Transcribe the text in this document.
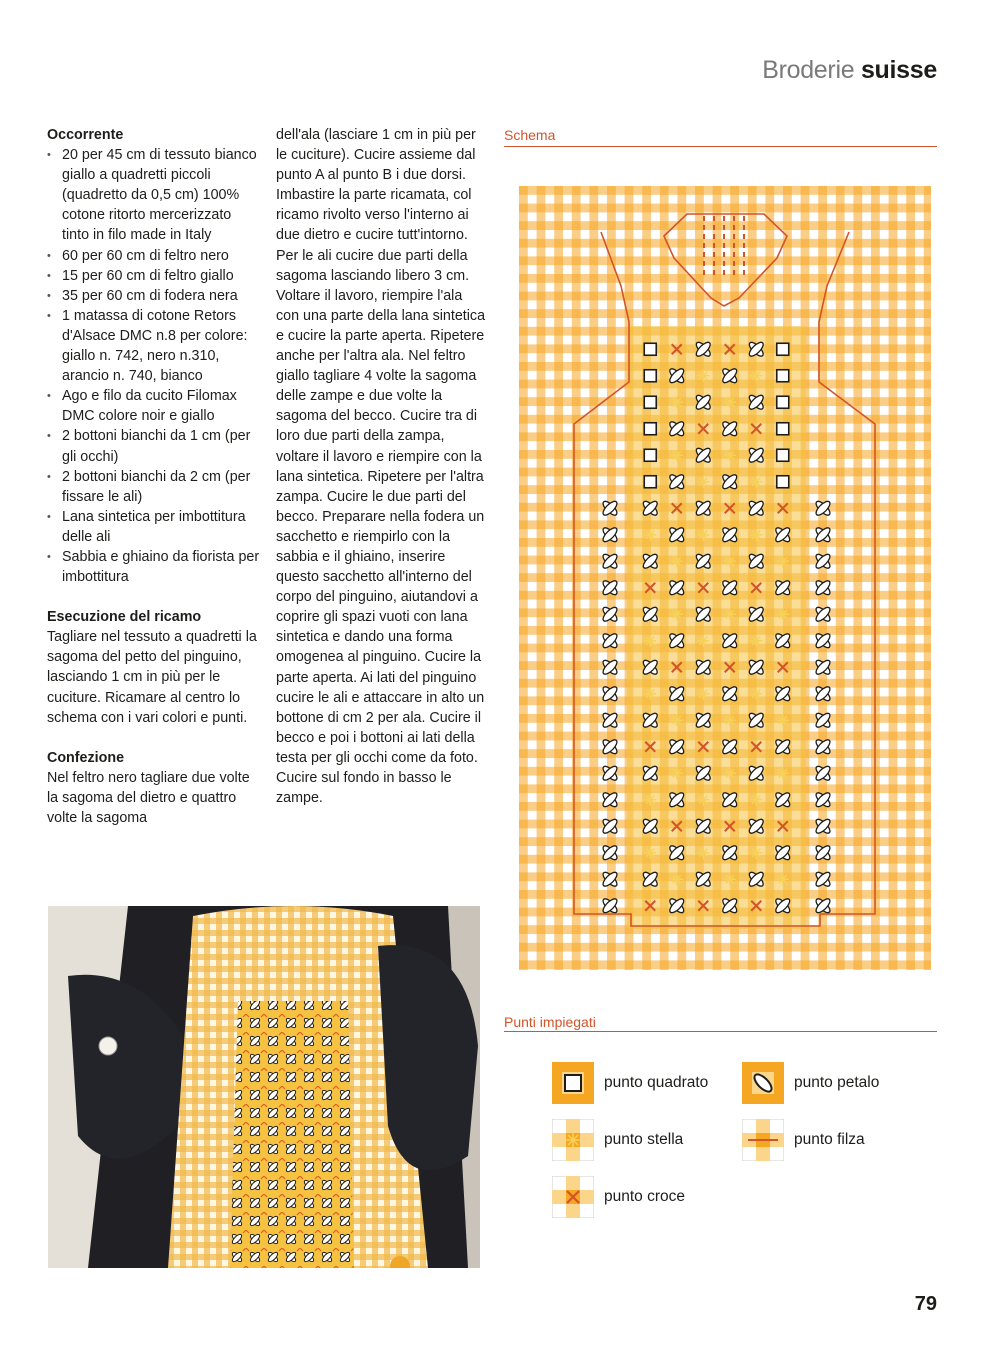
Broderie suisse
Occorrente
• 20 per 45 cm di tessuto bianco giallo a quadretti piccoli (quadretto da 0,5 cm) 100% cotone ritorto mercerizzato tinto in filo made in Italy
• 60 per 60 cm di feltro nero
• 15 per 60 cm di feltro giallo
• 35 per 60 cm di fodera nera
• 1 matassa di cotone Retors d'Alsace DMC n.8 per colore: giallo n. 742, nero n.310, arancio n. 740, bianco
• Ago e filo da cucito Filomax DMC colore noir e giallo
• 2 bottoni bianchi da 1 cm (per gli occhi)
• 2 bottoni bianchi da 2 cm (per fissare le ali)
• Lana sintetica per imbottitura delle ali
• Sabbia e ghiaino da fiorista per imbottitura
Esecuzione del ricamo

Tagliare nel tessuto a quadretti la sagoma del petto del pinguino, lasciando 1 cm in più per le cuciture. Ricamare al centro lo schema con i vari colori e punti.

Confezione

Nel feltro nero tagliare due volte la sagoma del dietro e quattro volte la sagoma

dell'ala (lasciare 1 cm in più per le cuciture). Cucire assieme dal punto A al punto B i due dorsi. Imbastire la parte ricamata, col ricamo rivolto verso l'interno ai due dietro e cucire tutt'intorno. Per le ali cucire due parti della sagoma lasciando libero 3 cm. Voltare il lavoro, riempire l'ala con una parte della lana sintetica e cucire la parte aperta. Ripetere anche per l'altra ala. Nel feltro giallo tagliare 4 volte la sagoma delle zampe e due volte la sagoma del becco. Cucire tra di loro due parti della zampa, voltare il lavoro e riempire con la lana sintetica. Ripetere per l'altra zampa. Cucire le due parti del becco. Preparare nella fodera un sacchetto e riempirlo con la sabbia e il ghiaino, inserire questo sacchetto all'interno del corpo del pinguino, aiutandovi a coprire gli spazi vuoti con lana sintetica e dando una forma omogenea al pinguino. Cucire la parte aperta. Ai lati del pinguino cucire le ali e attaccare in alto un bottone di cm 2 per ala. Cucire il becco e poi i bottoni ai lati della testa per gli occhi come da foto. Cucire sul fondo in basso le zampe.

Schema
Punti impiegati
punto quadrato	punto petalo
punto stella	punto filza
punto croce
79
